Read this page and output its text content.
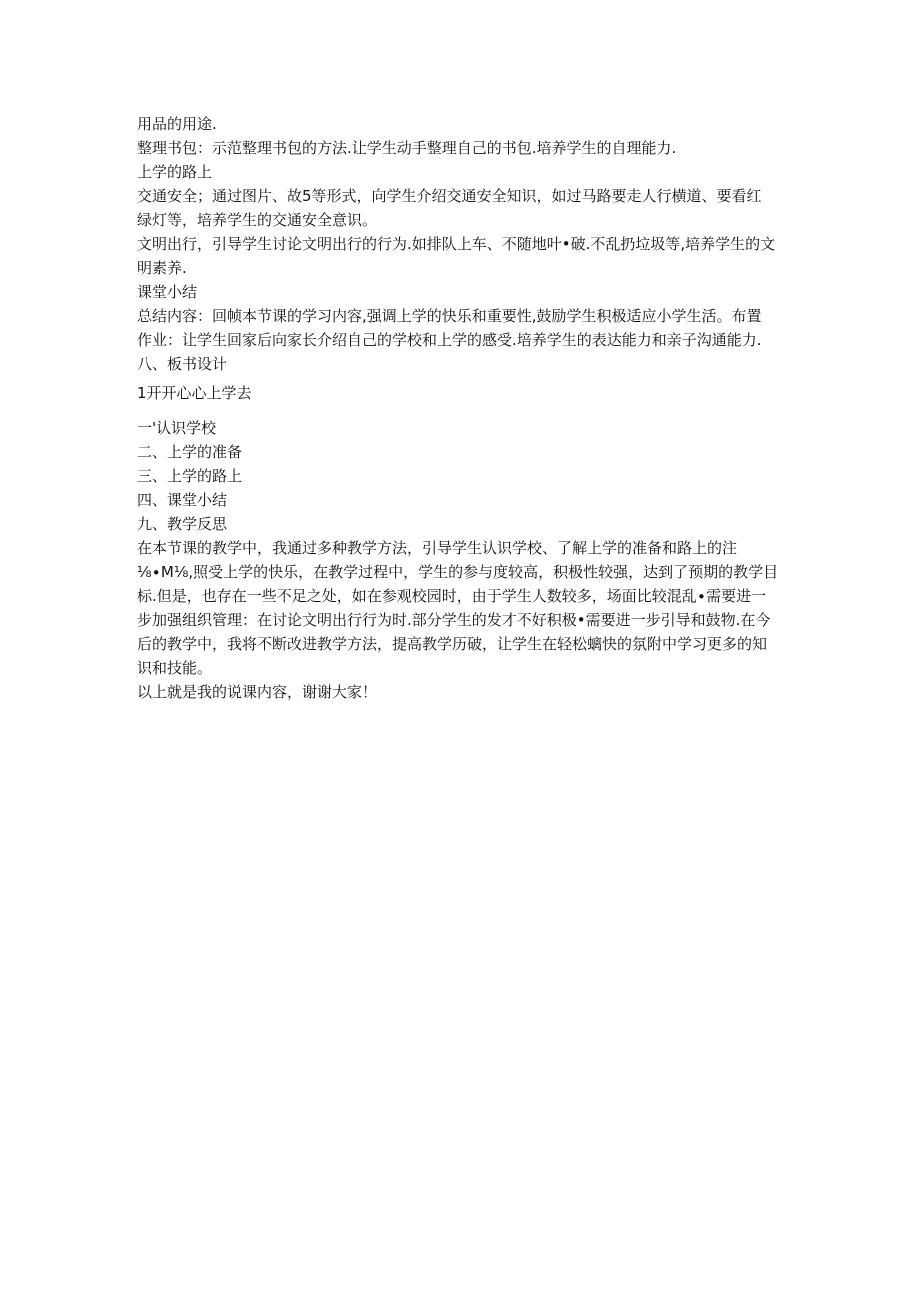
用品的用途.

整理书包：示范整理书包的方法.让学生动手整理自己的书包.培养学生的自理能力.

上学的路上

交通安全；通过图片、故5等形式，向学生介绍交通安全知识，如过马路要走人行横道、要看红

绿灯等，培养学生的交通安全意识。

文明出行，引导学生讨论文明出行的行为.如排队上车、不随地叶•破.不乱扔垃圾等,培养学生的文

明素养.

课堂小结

总结内容：回帧本节课的学习内容,强调上学的快乐和重要性,鼓励学生积极适应小学生活。布置

作业：让学生回家后向家长介绍自己的学校和上学的感受.培养学生的表达能力和亲子沟通能力.

八、板书设计

1开开心心上学去

一'认识学校

二、上学的准备

三、上学的路上

四、课堂小结

九、教学反思

在本节课的教学中，我通过多种教学方法，引导学生认识学校、了解上学的准备和路上的注

⅛∙M⅛,照受上学的快乐，在教学过程中，学生的参与度较高，积极性较强，达到了预期的教学目

标.但是，也存在一些不足之处，如在参观校园时，由于学生人数较多，场面比较混乱∙需要进一

步加强组织管理：在讨论文明出行行为时.部分学生的发才不好积极•需要进一步引导和鼓物.在今

后的教学中，我将不断改进教学方法，提高教学历破，让学生在轻松螭快的氛附中学习更多的知

识和技能。

以上就是我的说课内容，谢谢大家！
